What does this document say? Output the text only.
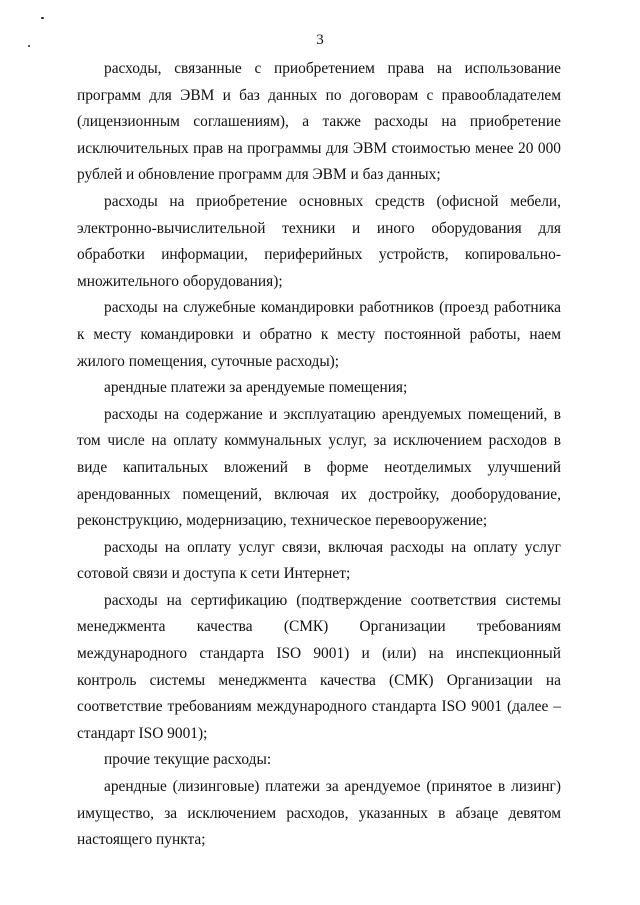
3

расходы, связанные с приобретением права на использование программ для ЭВМ и баз данных по договорам с правообладателем (лицензионным соглашениям), а также расходы на приобретение исключительных прав на программы для ЭВМ стоимостью менее 20 000 рублей и обновление программ для ЭВМ и баз данных;

расходы на приобретение основных средств (офисной мебели, электронно-вычислительной техники и иного оборудования для обработки информации, периферийных устройств, копировально-множительного оборудования);

расходы на служебные командировки работников (проезд работника к месту командировки и обратно к месту постоянной работы, наем жилого помещения, суточные расходы);

арендные платежи за арендуемые помещения;

расходы на содержание и эксплуатацию арендуемых помещений, в том числе на оплату коммунальных услуг, за исключением расходов в виде капитальных вложений в форме неотделимых улучшений арендованных помещений, включая их достройку, дооборудование, реконструкцию, модернизацию, техническое перевооружение;

расходы на оплату услуг связи, включая расходы на оплату услуг сотовой связи и доступа к сети Интернет;

расходы на сертификацию (подтверждение соответствия системы менеджмента качества (СМК) Организации требованиям международного стандарта ISO 9001) и (или) на инспекционный контроль системы менеджмента качества (СМК) Организации на соответствие требованиям международного стандарта ISO 9001 (далее – стандарт ISO 9001);

прочие текущие расходы:

арендные (лизинговые) платежи за арендуемое (принятое в лизинг) имущество, за исключением расходов, указанных в абзаце девятом настоящего пункта;
